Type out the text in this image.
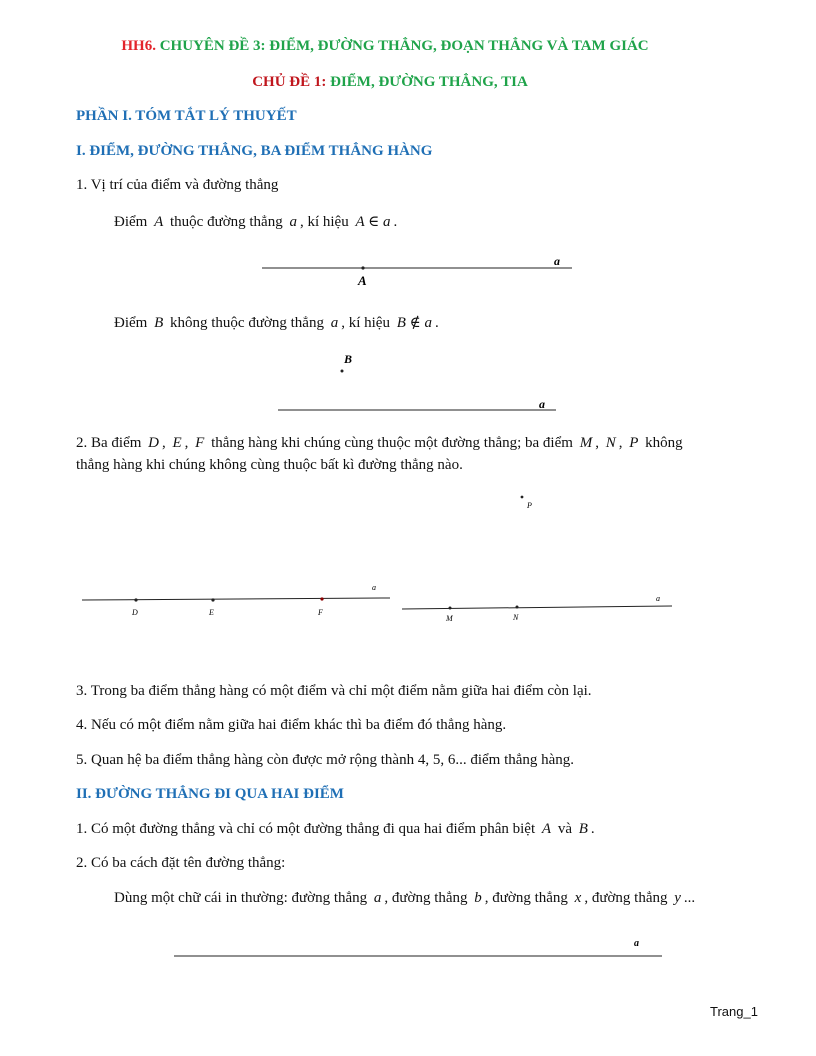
HH6. CHUYÊN ĐỀ 3: ĐIỂM, ĐƯỜNG THẲNG, ĐOẠN THẲNG VÀ TAM GIÁC
CHỦ ĐỀ 1: ĐIỂM, ĐƯỜNG THẲNG, TIA
PHẦN I. TÓM TẮT LÝ THUYẾT
I. ĐIỂM, ĐƯỜNG THẲNG, BA ĐIỂM THẲNG HÀNG
1. Vị trí của điểm và đường thẳng
Điểm A thuộc đường thẳng a , kí hiệu A ∈ a .
Điểm B không thuộc đường thẳng a , kí hiệu B ∉ a .
2. Ba điểm D , E , F thẳng hàng khi chúng cùng thuộc một đường thẳng; ba điểm M , N , P không
thẳng hàng khi chúng không cùng thuộc bất kì đường thẳng nào.
3. Trong ba điểm thẳng hàng có một điểm và chỉ một điểm nằm giữa hai điểm còn lại.
4. Nếu có một điểm nằm giữa hai điểm khác thì ba điểm đó thẳng hàng.
5. Quan hệ ba điểm thẳng hàng còn được mở rộng thành 4, 5, 6... điểm thẳng hàng.
II. ĐƯỜNG THẲNG ĐI QUA HAI ĐIỂM
1. Có một đường thẳng và chỉ có một đường thẳng đi qua hai điểm phân biệt A và B .
2. Có ba cách đặt tên đường thẳng:
Dùng một chữ cái in thường: đường thẳng a , đường thẳng b , đường thẳng x , đường thẳng y ...
a
A
B
a
D	E	F
a
M	N
P
a
a
Trang_1
